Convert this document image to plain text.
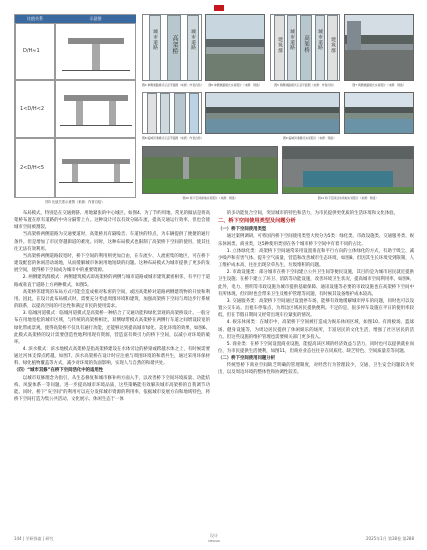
比值关系	示意图
D/H≈1
1<D/H<2
2<D/H<5
图3 比值关系示意图（来源：作者自绘）
城市道路 高架桥	城市道路
图4 单侧道路模式示意平面图（来源：作者自绘）	图6 单侧道路模式实景照片（来源：网络）
建筑群 城市道路 高架桥 城市道路 建筑群
图5 两侧道路模式示意平面图（来源：作者自绘）	图7 两侧道路模式实景照片（来源：网络）
图8 临城河道模式示意平面图（来源：作者自绘）	图9 临城河道模式实景照片（来源：网络）
图10 桥下空间绿地实景照片（来源：网络）	图11 桥下空间活动场地实景照片（来源：网络）

布局模式，特别是在交通拥挤、用地紧张的中心城区。如图4、为了节约用地，常见的做法是将高架桥布置在原有道路的中央分隔带上方。这种设计可以有效分隔车流，提高交通运行效率，但也会使城市空间被割裂。

当高架桥两侧道路为交通要道时，高架桥具有隔噪音、车道快的特点，为车辆提供了便捷的通行条件。但是增加了市民穿越街道的难度。同时，这种布局模式也限制了高架桥下空间的使用，使其往往无法有效利用。

当高架桥两侧道路较宽时，桥下空间的利用则更加自由，在车流少、人流密集的地区，可在桥下建设配套的休闲活动场地，从而缓解城市休闲用地短缺的问题。这种布局模式为城市提供了更多的发展空间，使得桥下空间成为城市中的重要资源。

2. 两侧建筑群模式：两侧建筑模式即高架桥的两侧与城市道路或城市建筑紧密相邻，有平行于道路或垂直于道路上方两种模式，如图5。

高架桥邻建筑的布局方式可能会造成相对私密的空间，或因高架桥对道路两侧建筑物的开放和利用。因此，在设计此布局模式时，需要充分考虑周围环境和建筑，加强高架桥下空间与周边步行系统的联系，以提高空间的可达性和满足市民的使用需求。

3. 临城河道模式：临城河道模式是高架桥一种结合了交通功能和绿化景观的高架桥设计。一般分布在用地宽松的城市区域，与传统的高架桥相比，双侧绿带模式高架桥在两侧行车道之间增设较宽的绿化带或景观，使得高架桥不仅具有通行功能，还能够达到提高城市绿化、美化环境的效果，如图6。此模式高架桥的设计需要创造性地利用现有资源，营造富有吸引力的桥下空间，以减小对环境的破坏。

4. 滨水模式：滨水地模式高架桥是指高架桥建设在水体旁边的桥梁或跨越水体之上，有时候需要通过河体支撑点跨越，如图7。滨水高架桥在设计时应注重与周围环境的和谐共生，通过采用环保材料、绿化植物覆盖等方式，减少对环境的负面影响，实现人与自然的和谐共处。

（四）“城市双修”在桥下空间活化中的适用性

以城市双修理念为指引，从生态修复和城市修补两方面入手，以改善桥下空间环境质量、功能结构、风貌体系一等问题。进一步提高城市环境品质，这些策略能有效解决城市高架桥的自我调节功能。同时，桥下“灰空间”的利用可以充分发挥城市资源的利用率，依据城市发展方向和地域特色，将桥下空间打造为集公共活动、文化展示、休闲生态于一体

的多功能复合空间，突显城市的特色和活力，为市民提供更优质的生活环境和文化体验。

二、桥下空间使用类型及问题分析

（一）桥下空间使用类型

通过案例调研，可将国内桥下空间使用类型大致分为5类：绿化类、市政设施类、交通服务类、娱乐休闲类、商业类，这5种使用类别在各个城市桥下空间中有着不同的占比。

1. 立体绿化类：高架桥下空间通常采用设置垂直和平行方向的立体绿化的方式，有助于吸尘、减少噪声和有害气体、提升空气质量，营造和改善城市生态环境，如图8、但因其生长环境受到限制，人工维护成本高，往往出现杂草丛生，垃圾堆积的问题。

2. 市政设施类：部分城市在桥下空间建立公共卫生间等便民设施，其目的是为城市居民就近提供卫生设施；在桥下建立了环卫、消防等功能设施，改善环境卫生状况，提高城市空间利用率，如图9。此外，电力、照明等市政设施为城市提供基础保障、通讯设施等必要的市政设施也在高架桥下空间中有所体现。但同时也会带来卫生及维护管理等问题，有时候其设备维护成本较高。

3. 交通服务类：高架桥下空间通过设置停车场，能够有效地缓解城市停车的问题，同时也可以设置公交车站、出租车停靠点，为周边区域居民提供便利。不足的是，很多停车设施在平日的使用率较低，但在节假日期间又经常出现车位紧张的情况。

4. 娱乐休闲类：在城市中，高架桥下空间被打造成为娱乐休闲区域，如图10。有滑板场、篮球场、健身设施等，为周边居民提供了休闲娱乐的场所，丰富居民的文化生活，增强了社区居民的活力。但这些设施的维护管理也需要相关部门更多投入。

5. 商业类：在桥下空间设置商业设施，能提高该区域的经济效益与活力，同时也可以提供就业岗位，为市民提供生活便利，如图11，但商业业态往往存在同质化、缺乏特色、空间质量差等问题。

（二）桥下空间使用问题分析

传统型桥下商业空间缺乏明确的管理制度，对经营行为管理较少，交通、卫生安全问题较为突出，以及周边环境的整体性和协调性较差。

144 | 学研探索 | 研究
设计
DESIGN	2025年1月 第38卷 第288
